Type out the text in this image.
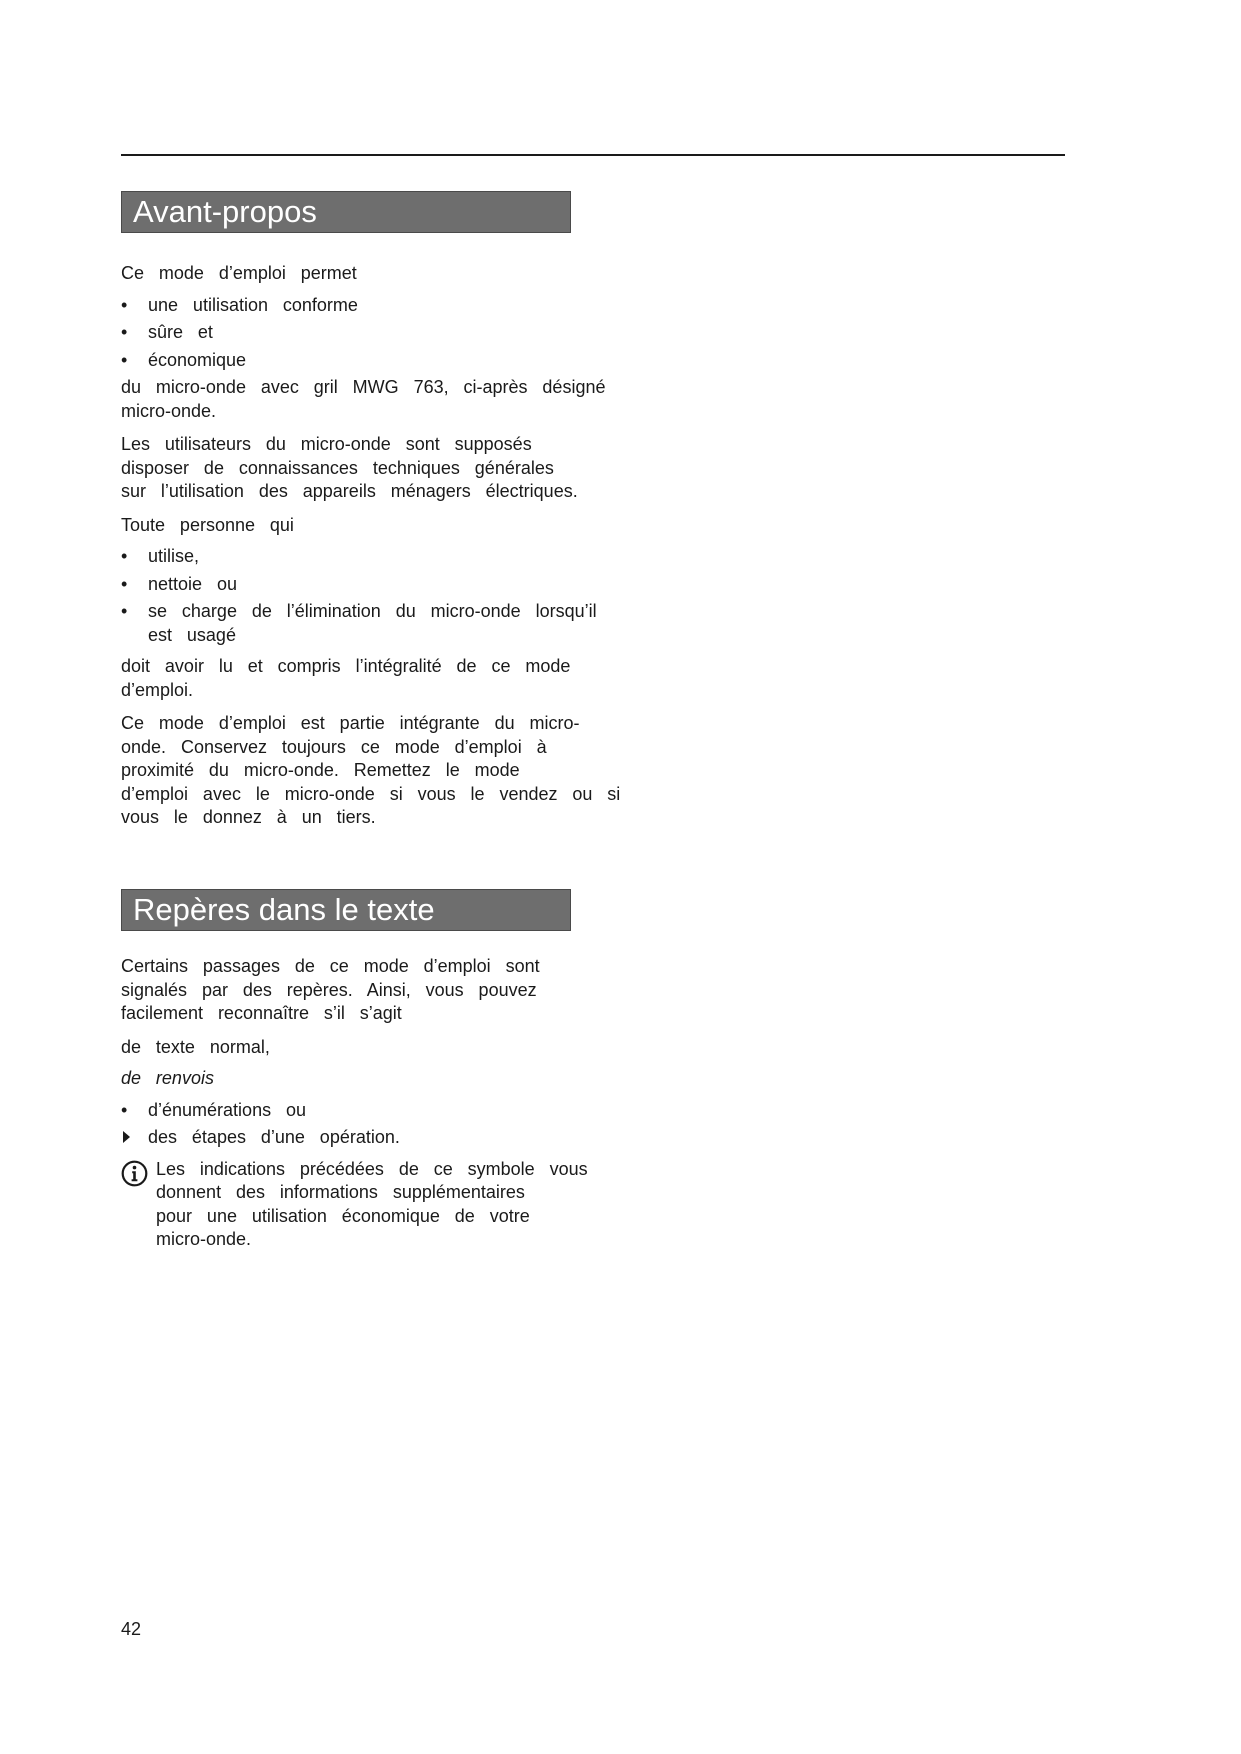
Avant-propos

Ce mode d’emploi permet

• une utilisation conforme
• sûre et
• économique

du micro-onde avec gril MWG 763, ci-après désigné

micro-onde.

Les utilisateurs du micro-onde sont supposés

disposer de connaissances techniques générales

sur l’utilisation des appareils ménagers électriques.

Toute personne qui

• utilise,
• nettoie ou
• se charge de l’élimination du micro-onde lorsqu’il

est usagé

doit avoir lu et compris l’intégralité de ce mode

d’emploi.

Ce mode d’emploi est partie intégrante du micro-

onde. Conservez toujours ce mode d’emploi à

proximité du micro-onde. Remettez le mode

d’emploi avec le micro-onde si vous le vendez ou si

vous le donnez à un tiers.

Repères dans le texte

Certains passages de ce mode d’emploi sont

signalés par des repères. Ainsi, vous pouvez

facilement reconnaître s’il s’agit

de texte normal,

de renvois

• d’énumérations ou
des étapes d’une opération.

Les indications précédées de ce symbole vous

donnent des informations supplémentaires

pour une utilisation économique de votre

micro-onde.

42
